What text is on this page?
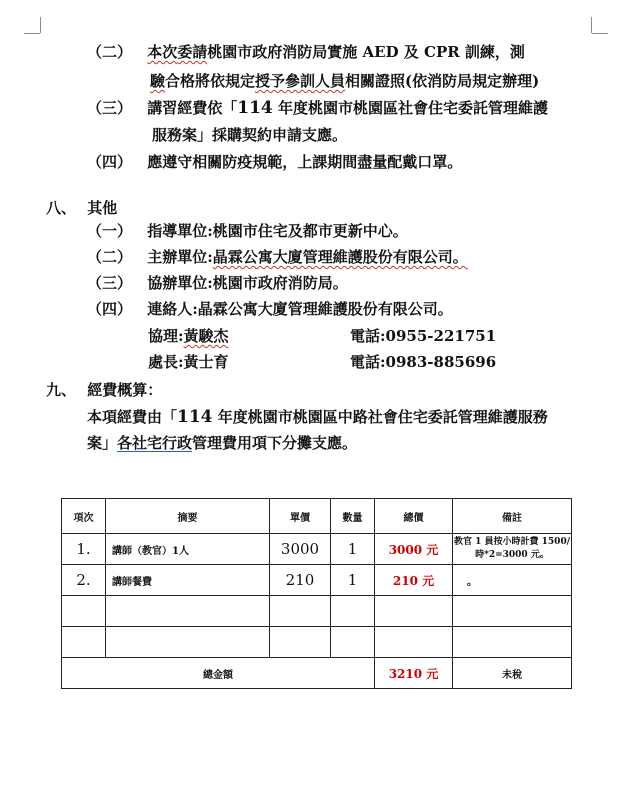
（二） 本次委請桃園市政府消防局實施 AED 及 CPR 訓練，測
驗合格將依規定授予參訓人員相關證照(依消防局規定辦理)
（三） 講習經費依「114 年度桃園市桃園區社會住宅委託管理維護
服務案」採購契約申請支應。
（四） 應遵守相關防疫規範，上課期間盡量配戴口罩。
八、 其他
（一） 指導單位:桃園市住宅及都市更新中心。
（二） 主辦單位:晶霖公寓大廈管理維護股份有限公司。
（三） 協辦單位:桃園市政府消防局。
（四） 連絡人:晶霖公寓大廈管理維護股份有限公司。
協理:黃駿杰	電話:0955-221751
處長:黃士育	電話:0983-885696
九、 經費概算：
本項經費由「114 年度桃園市桃園區中路社會住宅委託管理維護服務
案」各社宅行政管理費用項下分攤支應。
項次	摘要	單價	數量	總價	備註
1.	講師（教官）1人	3000	1	3000 元	教官 1 員按小時計費 1500/時*2=3000 元。
2.	講師餐費	210	1	210 元	。

總金額				3210 元	未稅
